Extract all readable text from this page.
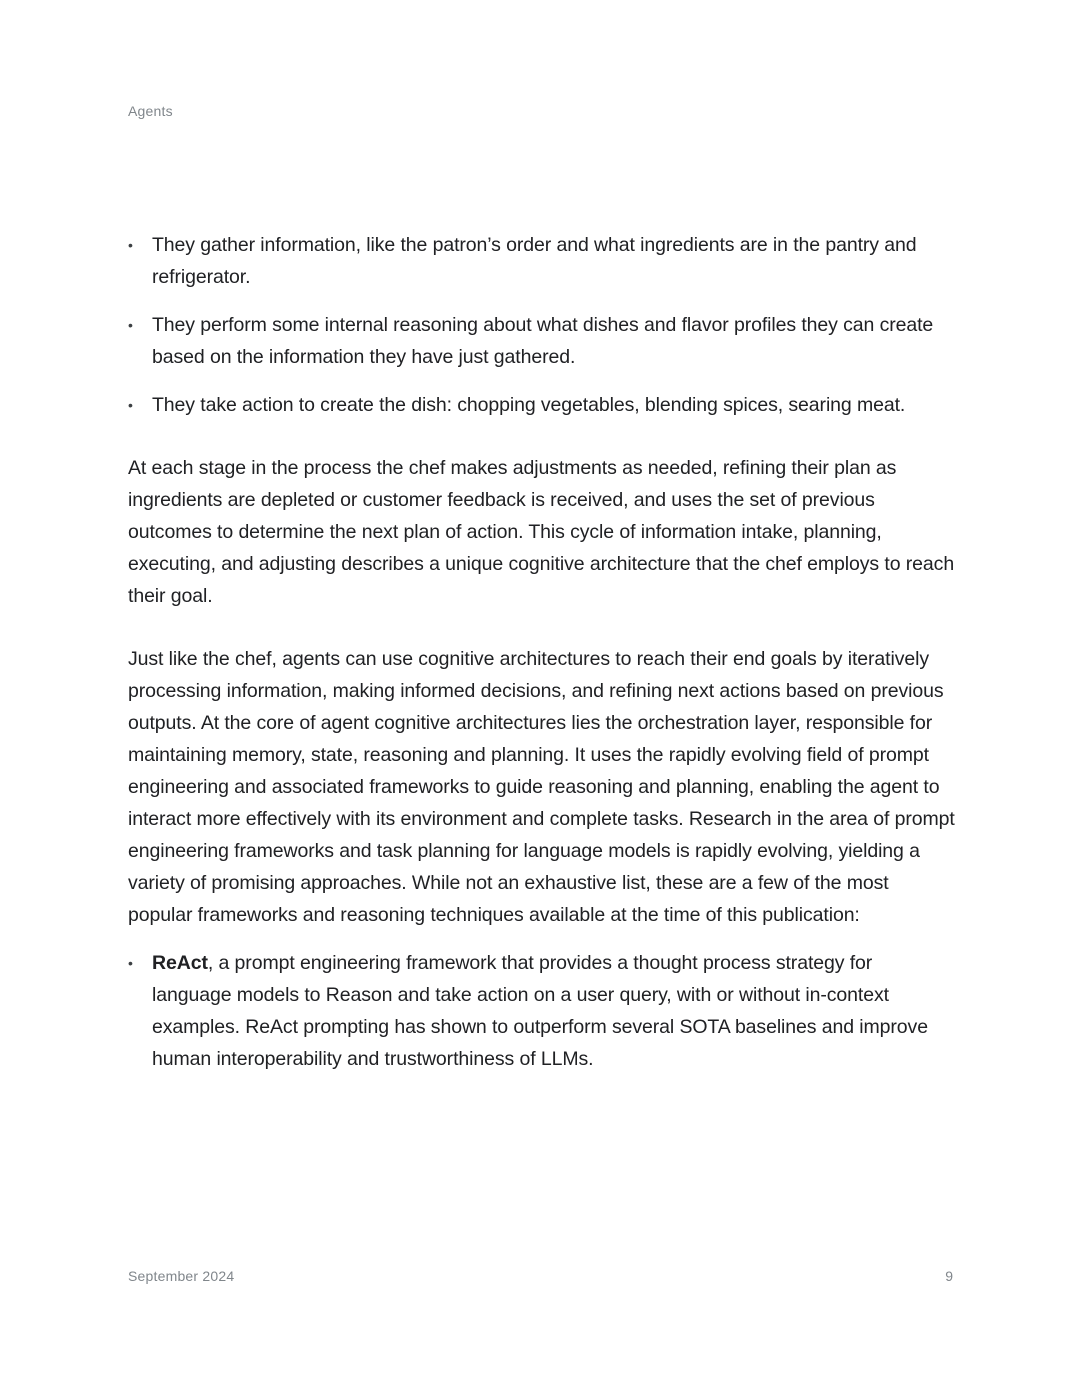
Agents
• They gather information, like the patron’s order and what ingredients are in the pantry and refrigerator.
• They perform some internal reasoning about what dishes and flavor profiles they can create based on the information they have just gathered.
• They take action to create the dish: chopping vegetables, blending spices, searing meat.

At each stage in the process the chef makes adjustments as needed, refining their plan as ingredients are depleted or customer feedback is received, and uses the set of previous outcomes to determine the next plan of action. This cycle of information intake, planning, executing, and adjusting describes a unique cognitive architecture that the chef employs to reach their goal.

Just like the chef, agents can use cognitive architectures to reach their end goals by iteratively processing information, making informed decisions, and refining next actions based on previous outputs. At the core of agent cognitive architectures lies the orchestration layer, responsible for maintaining memory, state, reasoning and planning. It uses the rapidly evolving field of prompt engineering and associated frameworks to guide reasoning and planning, enabling the agent to interact more effectively with its environment and complete tasks. Research in the area of prompt engineering frameworks and task planning for language models is rapidly evolving, yielding a variety of promising approaches. While not an exhaustive list, these are a few of the most popular frameworks and reasoning techniques available at the time of this publication:

• ReAct, a prompt engineering framework that provides a thought process strategy for language models to Reason and take action on a user query, with or without in-context examples. ReAct prompting has shown to outperform several SOTA baselines and improve human interoperability and trustworthiness of LLMs.
September 2024	9
